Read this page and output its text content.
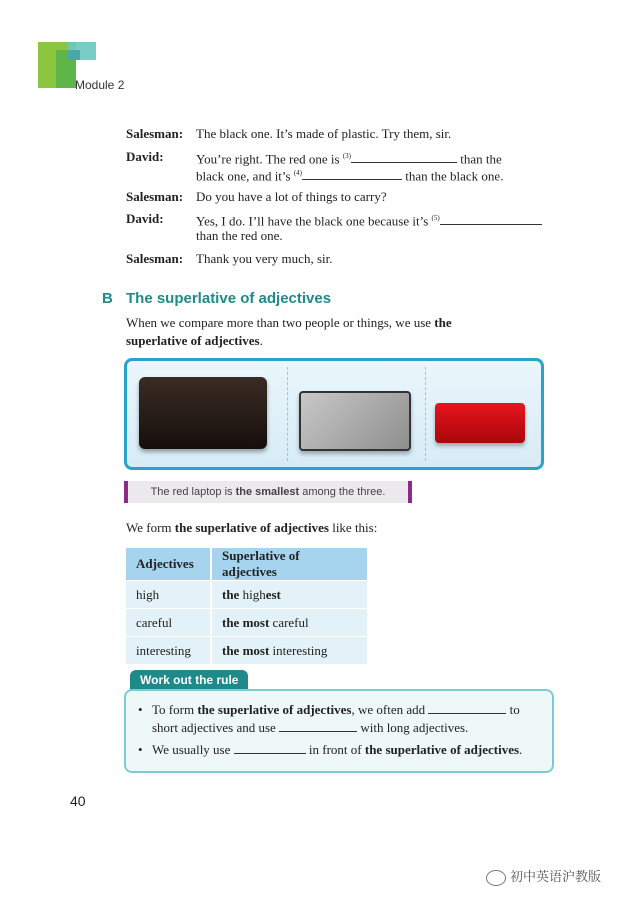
Module 2
Salesman: The black one. It’s made of plastic. Try them, sir.
David: You’re right. The red one is $^{(3)}$	than the
black one, and it’s $^{(4)}$	than the black one.
Salesman: Do you have a lot of things to carry?
David: Yes, I do. I’ll have the black one because it’s $^{(5)}$
than the red one.
Salesman: Thank you very much, sir.
B The superlative of adjectives
When we compare more than two people or things, we use the
superlative of adjectives.
The red laptop is the smallest among the three.
We form the superlative of adjectives like this:
Adjectives	Superlative of adjectives
high	the highest
careful	the most careful
interesting	the most interesting
Work out the rule
• To form the superlative of adjectives, we often add	to
short adjectives and use	with long adjectives.
• We usually use	in front of the superlative of adjectives.
40
初中英语沪教版
